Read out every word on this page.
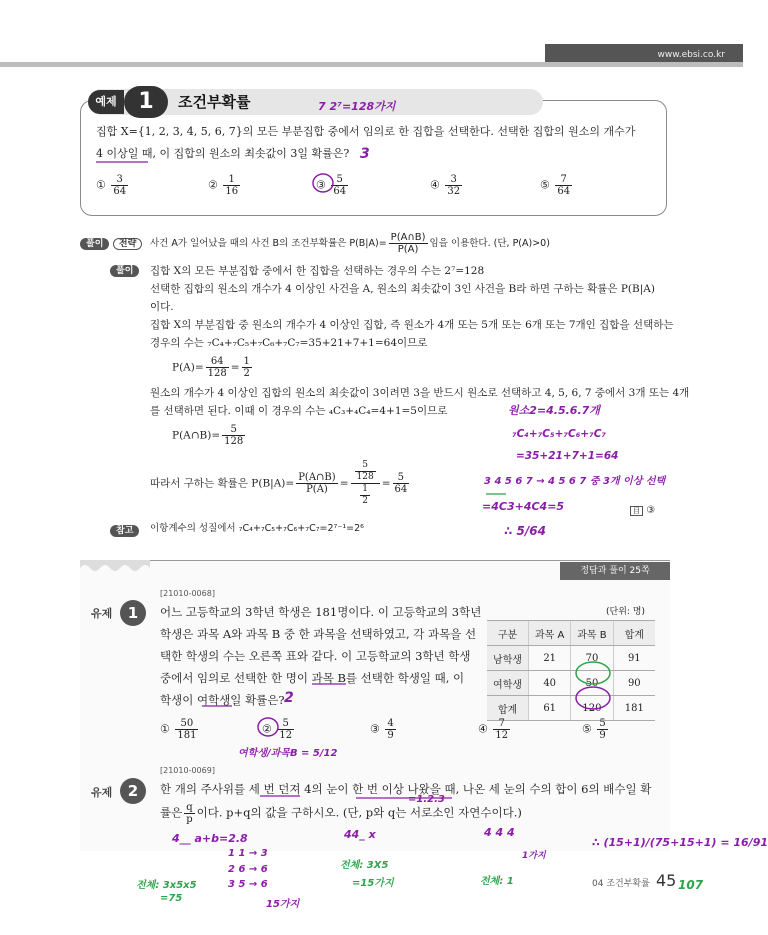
www.ebsi.co.kr
예제 1	조건부확률
집합 X={1, 2, 3, 4, 5, 6, 7}의 모든 부분집합 중에서 임의로 한 집합을 선택한다. 선택한 집합의 원소의 개수가
4 이상일 때, 이 집합의 원소의 최솟값이 3일 확률은?
① $\frac{3}{64}$	② $\frac{1}{16}$	③ $\frac{5}{64}$	④ $\frac{3}{32}$	⑤ $\frac{7}{64}$
풀이 전략	사건 A가 일어났을 때의 사건 B의 조건부확률은 $P(B|A)= \frac{P(A\cap B)}{P(A)}$ 임을 이용한다. (단, P(A)>0)
풀이	집합 X의 모든 부분집합 중에서 한 집합을 선택하는 경우의 수는 2⁷=128
선택한 집합의 원소의 개수가 4 이상인 사건을 A, 원소의 최솟값이 3인 사건을 B라 하면 구하는 확률은 P(B|A)
이다.
집합 X의 부분집합 중 원소의 개수가 4 이상인 집합, 즉 원소가 4개 또는 5개 또는 6개 또는 7개인 집합을 선택하는
경우의 수는 ₇C₄+₇C₅+₇C₆+₇C₇=35+21+7+1=64이므로
$P(A)= \frac{64}{128} = \frac{1}{2}$
원소의 개수가 4 이상인 집합의 원소의 최솟값이 3이려면 3을 반드시 원소로 선택하고 4, 5, 6, 7 중에서 3개 또는 4개
를 선택하면 된다. 이때 이 경우의 수는 ₄C₃+₄C₄=4+1=5이므로
P(A∩B)= $\frac{5}{128}$
따라서 구하는 확률은 $P(B|A)= \frac{P(A\cap B)}{P(A)} = \frac{\frac{5}{128}}{\frac{1}{2}} = \frac{5}{64}$
目 ③
참고	이항계수의 성질에서 ₇C₄+₇C₅+₇C₆+₇C₇=2⁷⁻¹=2⁶
정답과 풀이 25쪽
유제	1
[21010-0068]
어느 고등학교의 3학년 학생은 181명이다. 이 고등학교의 3학년
학생은 과목 A와 과목 B 중 한 과목을 선택하였고, 각 과목을 선
택한 학생의 수는 오른쪽 표와 같다. 이 고등학교의 3학년 학생
중에서 임의로 선택한 한 명이 과목 B를 선택한 학생일 때, 이
학생이 여학생일 확률은?
(단위: 명)
구분	과목 A	과목 B	합계
남학생	21	70	91
여학생	40	50	90
합계	61	120	181
① $\frac{50}{181}$	② $\frac{5}{12}$	③ $\frac{4}{9}$	④ $\frac{7}{12}$	⑤ $\frac{5}{9}$
유제	2
[21010-0069]
한 개의 주사위를 세 번 던져 4의 눈이 한 번 이상 나왔을 때, 나온 세 눈의 수의 합이 6의 배수일 확
률은 $\frac{q}{p}$ 이다. p+q의 값을 구하시오. (단, p와 q는 서로소인 자연수이다.)
04 조건부확률 45
7 2⁷=128가지
3
원소2=4.5.6.7개
₇C₄+₇C₅+₇C₆+₇C₇
=35+21+7+1=64
3 4 5 6 7 → 4 5 6 7 중 3개 이상 선택
=4C3+4C4=5
∴ 5/64
2
여학생/과목B = 5/12
=1.2.3
4__ a+b=2.8
1 1 → 3
2 6 → 6
3 5 → 6
15가지
44_ x	4 4 4
1가지
∴ (15+1)/(75+15+1) = 16/91
전체: 3X5
=15가지	전체: 1
전체: 3x5x5
=75
107
